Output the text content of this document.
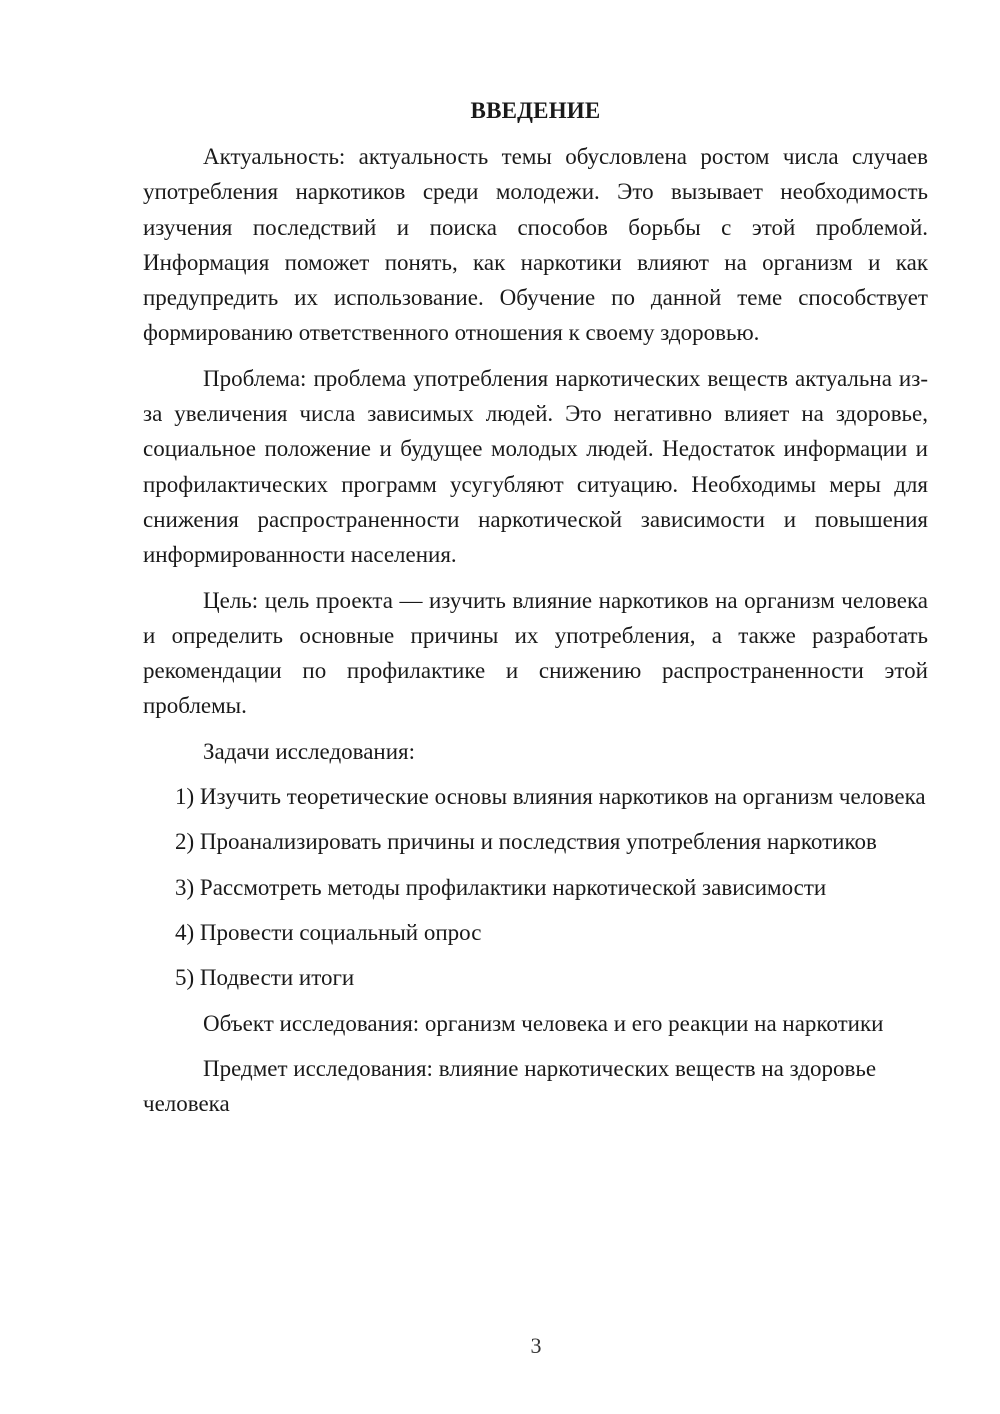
ВВЕДЕНИЕ

Актуальность: актуальность темы обусловлена ростом числа случаев употребления наркотиков среди молодежи. Это вызывает необходимость изучения последствий и поиска способов борьбы с этой проблемой. Информация поможет понять, как наркотики влияют на организм и как предупредить их использование. Обучение по данной теме способствует формированию ответственного отношения к своему здоровью.

Проблема: проблема употребления наркотических веществ актуальна из-за увеличения числа зависимых людей. Это негативно влияет на здоровье, социальное положение и будущее молодых людей. Недостаток информации и профилактических программ усугубляют ситуацию. Необходимы меры для снижения распространенности наркотической зависимости и повышения информированности населения.

Цель: цель проекта — изучить влияние наркотиков на организм человека и определить основные причины их употребления, а также разработать рекомендации по профилактике и снижению распространенности этой проблемы.

Задачи исследования:

1) Изучить теоретические основы влияния наркотиков на организм человека

2) Проанализировать причины и последствия употребления наркотиков

3) Рассмотреть методы профилактики наркотической зависимости

4) Провести социальный опрос

5) Подвести итоги

Объект исследования: организм человека и его реакции на наркотики

Предмет исследования: влияние наркотических веществ на здоровье человека

3
